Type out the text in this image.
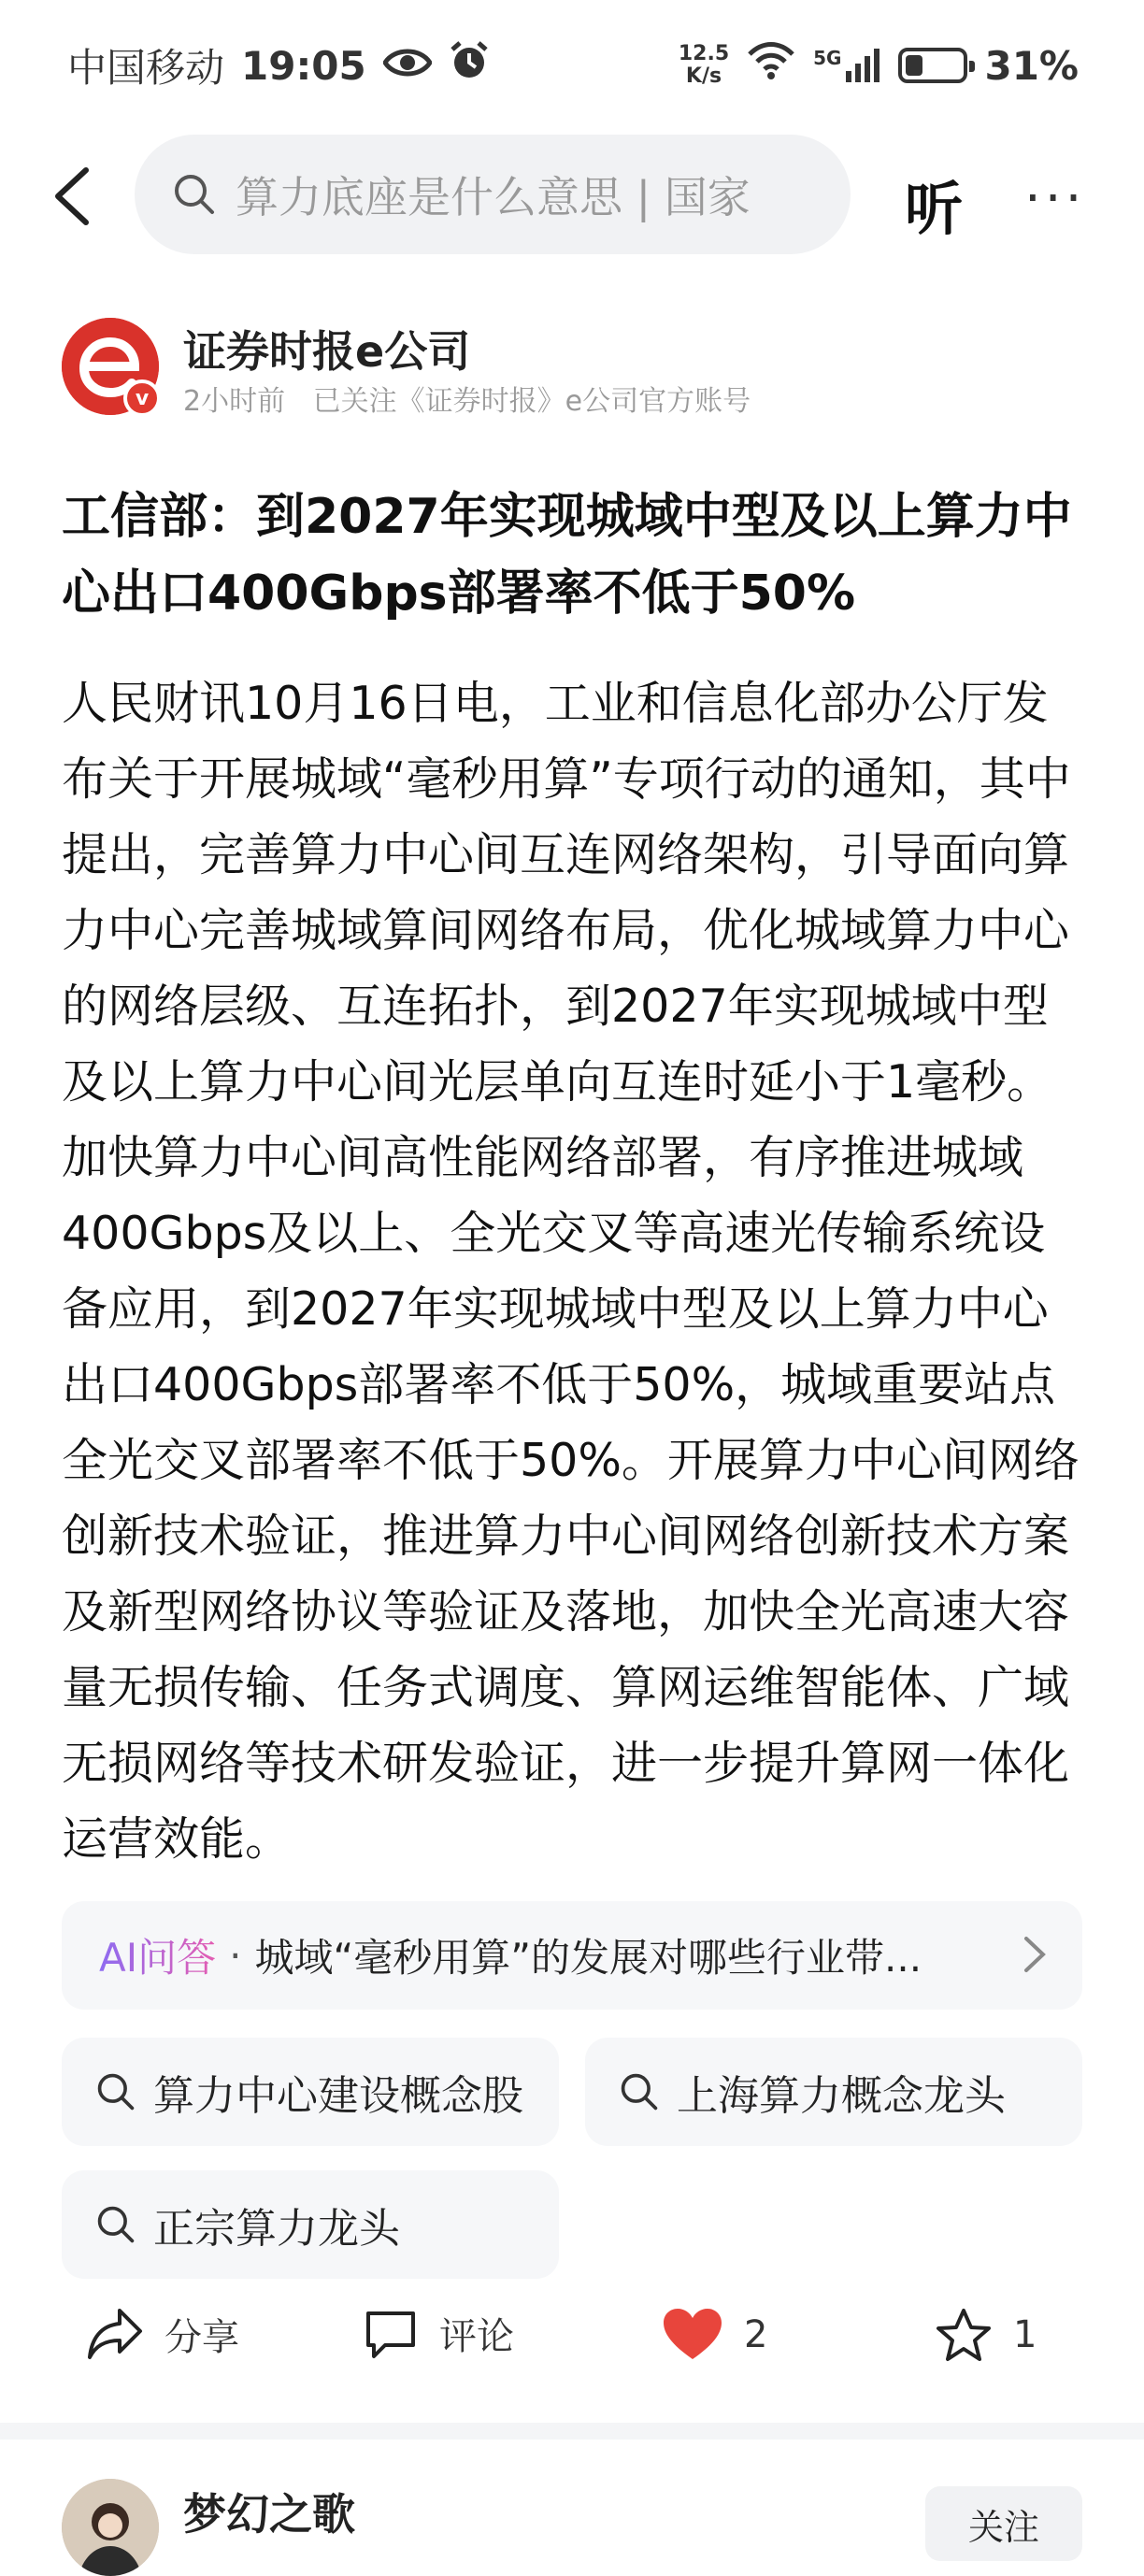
中国移动 19:05	12.5
K/s
5G	31%
算力底座是什么意思 | 国家	听 ···
v
证券时报e公司
2小时前 已关注《证券时报》e公司官方账号
工信部：到2027年实现城域中型及以上算力中心出口400Gbps部署率不低于50%
人民财讯10月16日电，工业和信息化部办公厅发布关于开展城域“毫秒用算”专项行动的通知，其中提出，完善算力中心间互连网络架构，引导面向算力中心完善城域算间网络布局，优化城域算力中心的网络层级、互连拓扑，到2027年实现城域中型及以上算力中心间光层单向互连时延小于1毫秒。加快算力中心间高性能网络部署，有序推进城域400Gbps及以上、全光交叉等高速光传输系统设备应用，到2027年实现城域中型及以上算力中心出口400Gbps部署率不低于50%，城域重要站点全光交叉部署率不低于50%。开展算力中心间网络创新技术验证，推进算力中心间网络创新技术方案及新型网络协议等验证及落地，加快全光高速大容量无损传输、任务式调度、算网运维智能体、广域无损网络等技术研发验证，进一步提升算网一体化运营效能。
AI问答 · 城域“毫秒用算”的发展对哪些行业带...
算力中心建设概念股	上海算力概念龙头
正宗算力龙头
分享	评论	2	1
梦幻之歌	关注
